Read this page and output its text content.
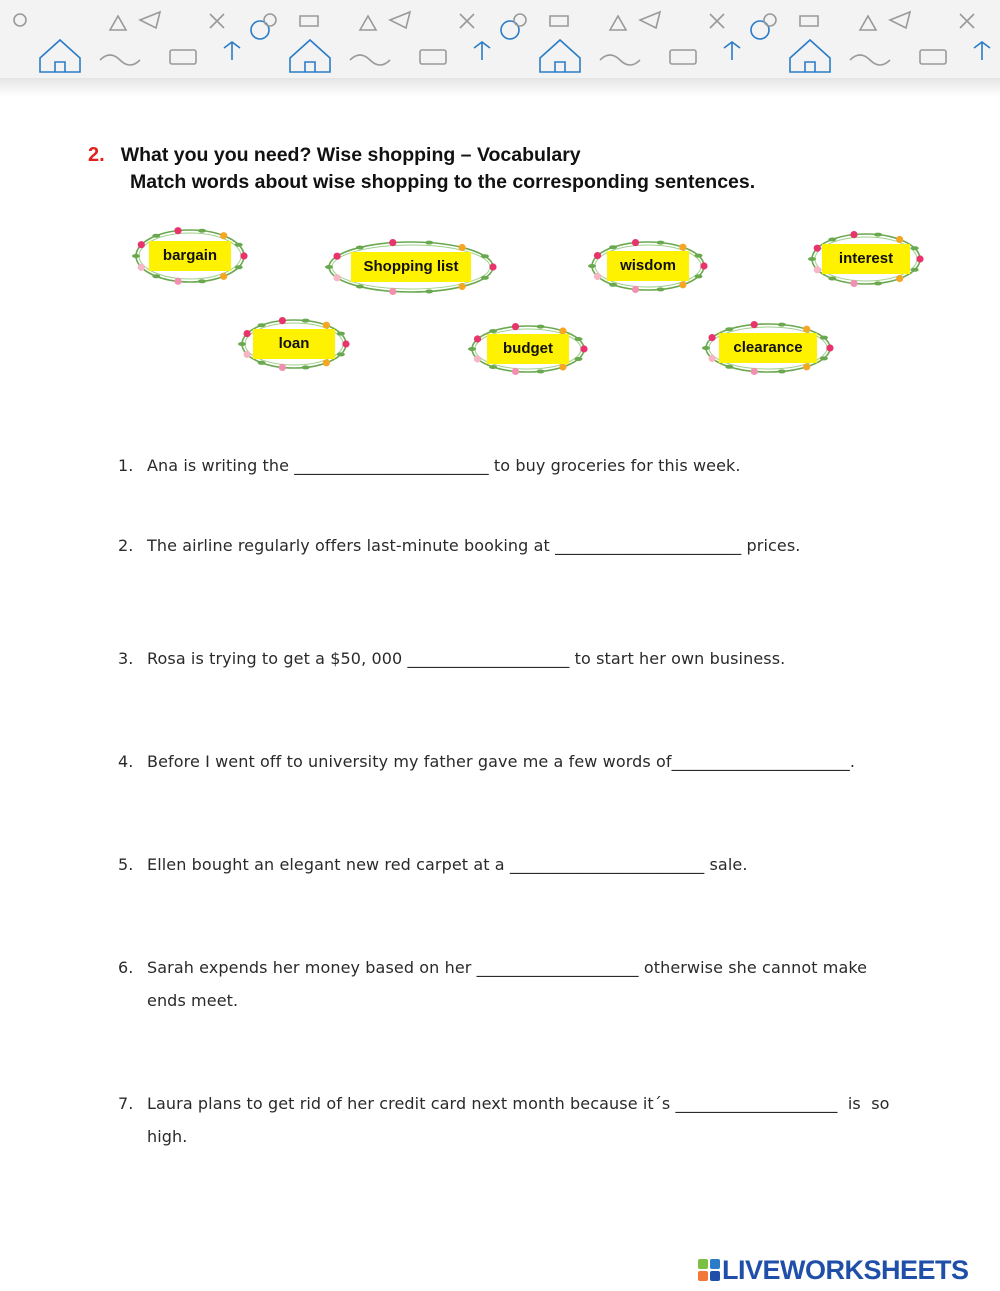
2. What you you need? Wise shopping – Vocabulary
Match words about wise shopping to the corresponding sentences.
bargain
Shopping list	wisdom	interest
loan	budget	clearance
1. Ana is writing the ________________________ to buy groceries for this week.
2. The airline regularly offers last-minute booking at _______________________ prices.
3. Rosa is trying to get a $50, 000 ____________________ to start her own business.
4. Before I went off to university my father gave me a few words of______________________.
5. Ellen bought an elegant new red carpet at a ________________________ sale.
6. Sarah expends her money based on her ____________________ otherwise she cannot make
ends meet.
7. Laura plans to get rid of her credit card next month because it´s ____________________  is  so
high.
LIVEWORKSHEETS
